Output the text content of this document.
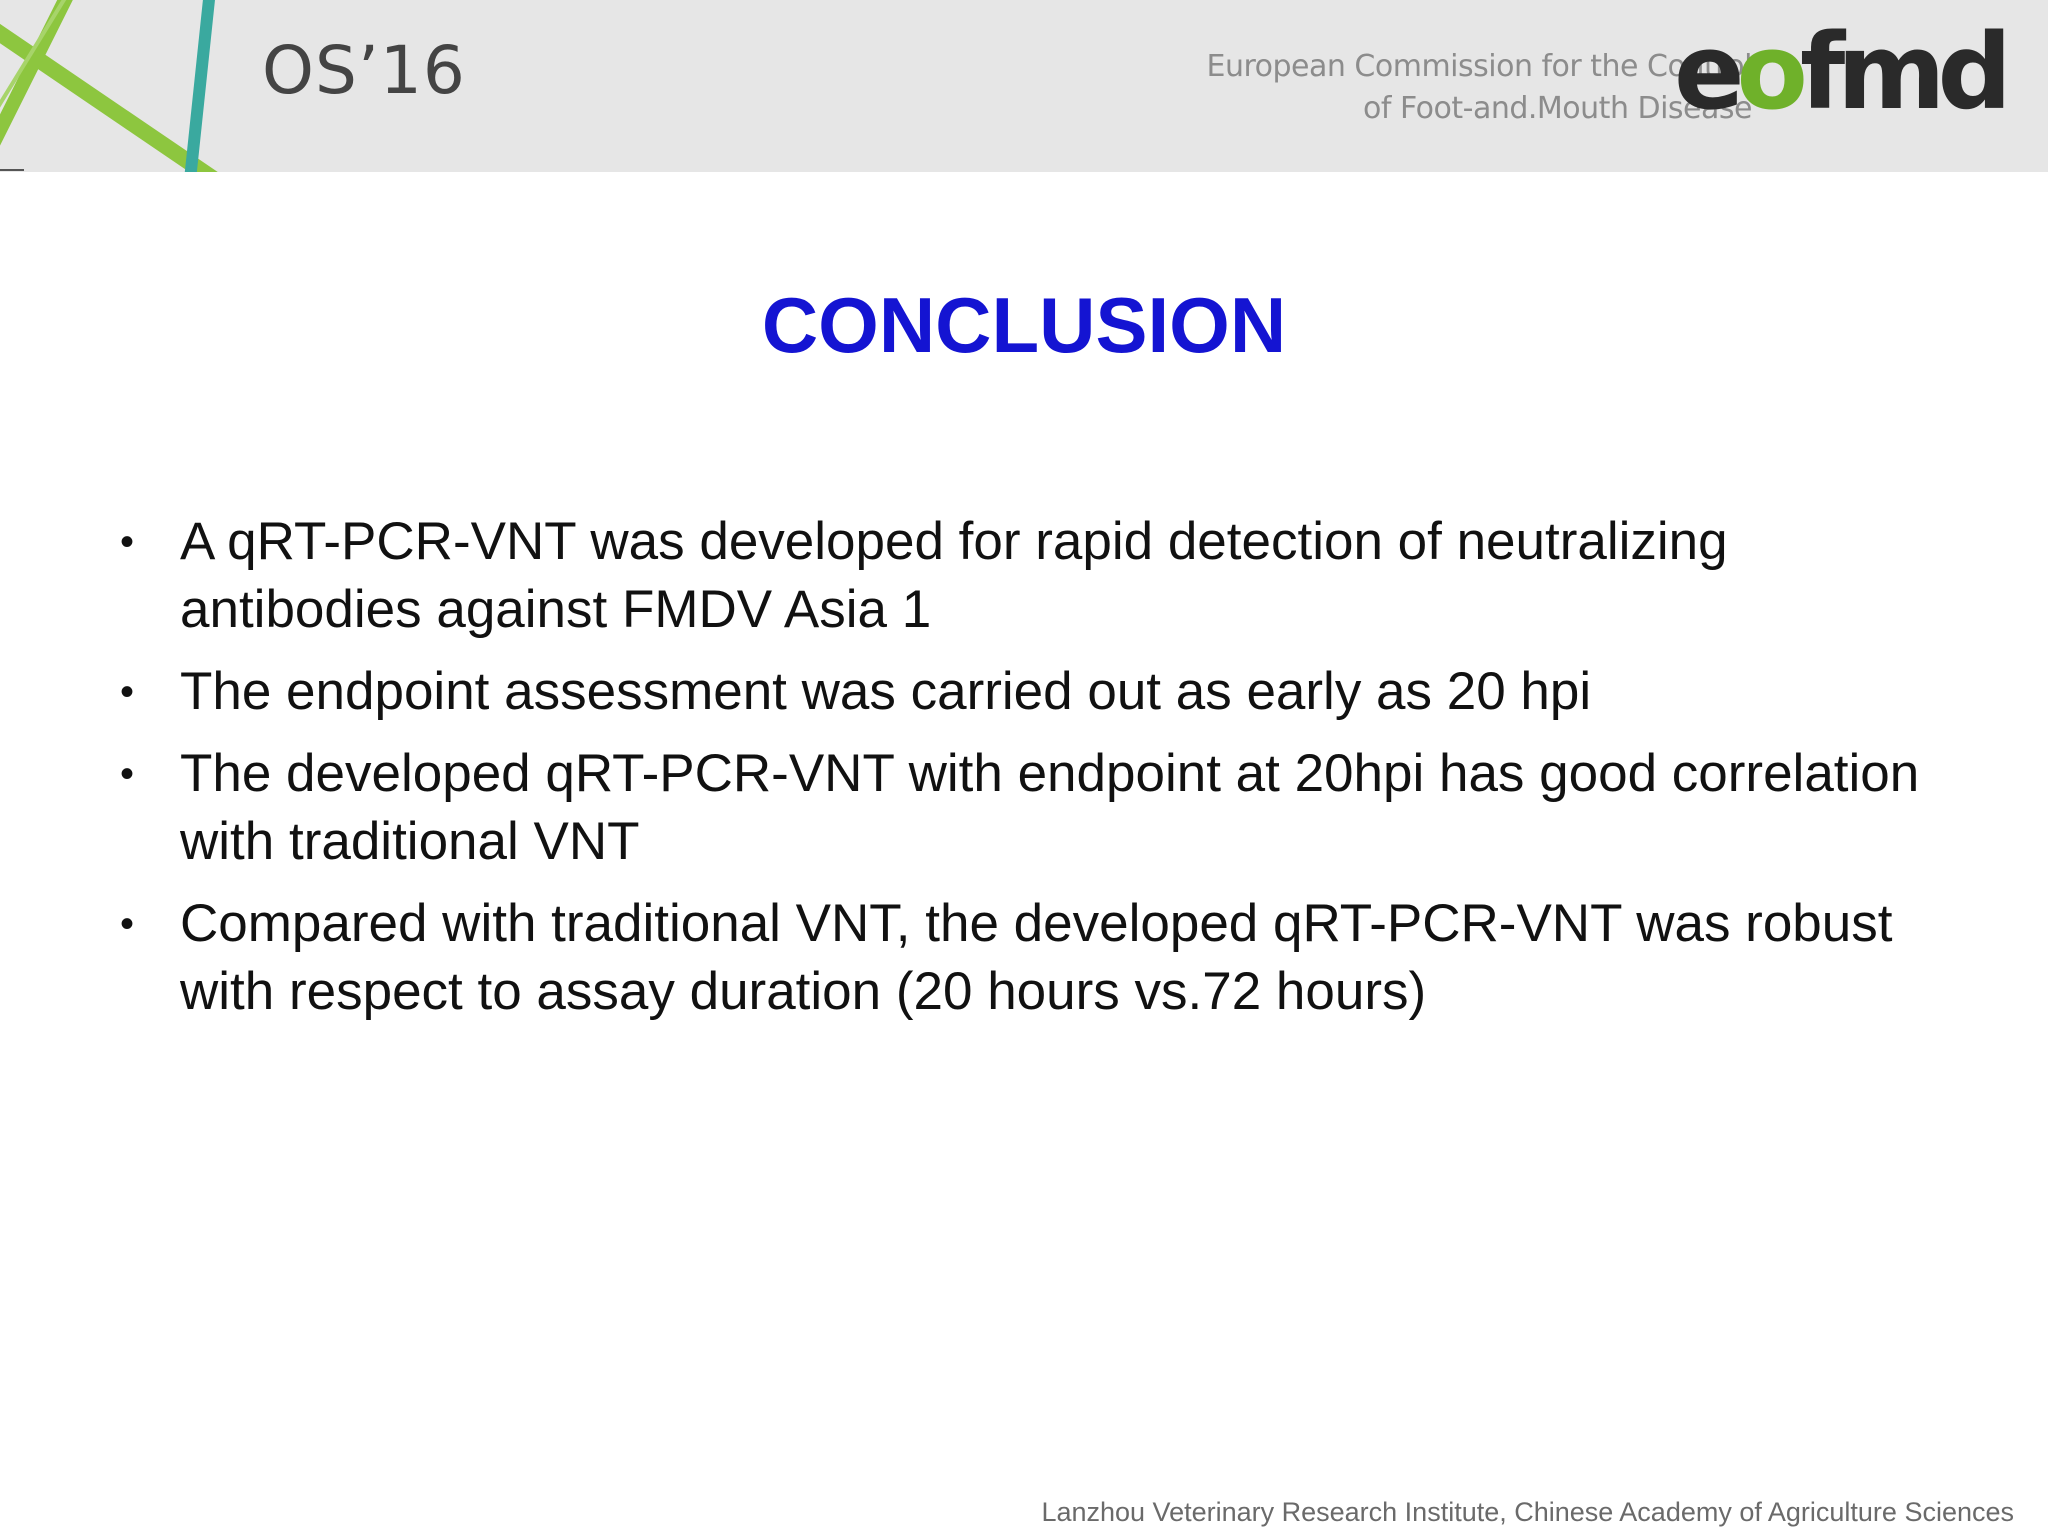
OS’16	European Commission for the Control
of Foot-and.Mouth Disease
eofmd
CONCLUSION
• A qRT-PCR-VNT was developed for rapid detection of neutralizing antibodies against FMDV Asia 1
• The endpoint assessment was carried out as early as 20 hpi
• The developed qRT-PCR-VNT with endpoint at 20hpi has good correlation with traditional VNT
• Compared with traditional VNT, the developed qRT-PCR-VNT was robust with respect to assay duration (20 hours vs.72 hours)
Lanzhou Veterinary Research Institute, Chinese Academy of Agriculture Sciences
